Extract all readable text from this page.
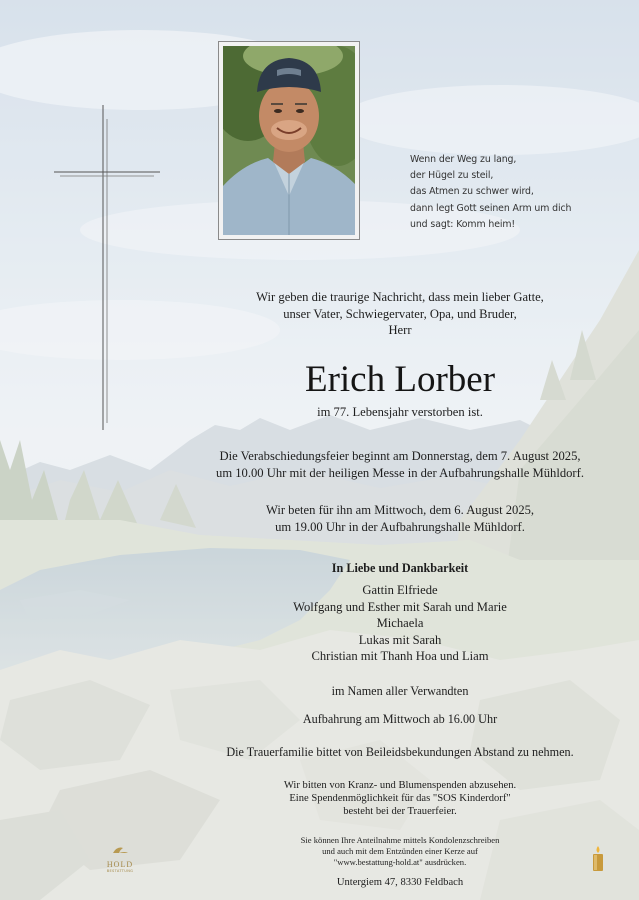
Wenn der Weg zu lang,
der Hügel zu steil,
das Atmen zu schwer wird,
dann legt Gott seinen Arm um dich
und sagt: Komm heim!
Wir geben die traurige Nachricht, dass mein lieber Gatte,
unser Vater, Schwiegervater, Opa, und Bruder,
Herr
Erich Lorber
im 77. Lebensjahr verstorben ist.
Die Verabschiedungsfeier beginnt am Donnerstag, dem 7. August 2025,
um 10.00 Uhr mit der heiligen Messe in der Aufbahrungshalle Mühldorf.
Wir beten für ihn am Mittwoch, dem 6. August 2025,
um 19.00 Uhr in der Aufbahrungshalle Mühldorf.
In Liebe und Dankbarkeit
Gattin Elfriede
Wolfgang und Esther mit Sarah und Marie
Michaela
Lukas mit Sarah
Christian mit Thanh Hoa und Liam
im Namen aller Verwandten
Aufbahrung am Mittwoch ab 16.00 Uhr
Die Trauerfamilie bittet von Beileidsbekundungen Abstand zu nehmen.
Wir bitten von Kranz- und Blumenspenden abzusehen.
Eine Spendenmöglichkeit für das "SOS Kinderdorf"
besteht bei der Trauerfeier.
Sie können Ihre Anteilnahme mittels Kondolenzschreiben
und auch mit dem Entzünden einer Kerze auf
"www.bestattung-hold.at" ausdrücken.
Untergiem 47, 8330 Feldbach
HOLD
BESTATTUNG
